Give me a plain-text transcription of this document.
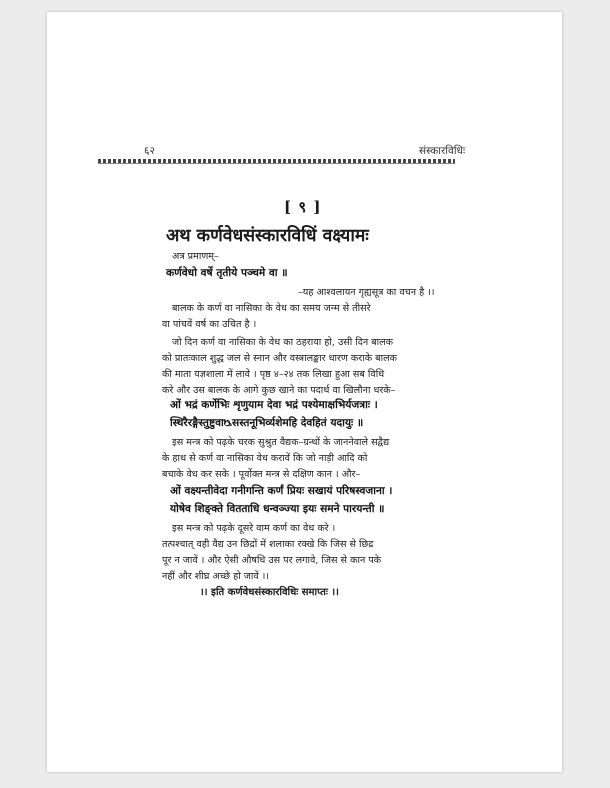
६२	संस्कारविधिः
[ ९ ]
अथ कर्णवेधसंस्कारविधिं वक्ष्यामः
अत्र प्रमाणम्–
कर्णवेधो वर्षे तृतीये पञ्चमे वा ॥
–यह आश्वलायन गृह्यसूत्र का वचन है ।।
बालक के कर्ण वा नासिका के वेध का समय जन्म से तीसरे
वा पांचवें वर्ष का उचित है ।
जो दिन कर्ण वा नासिका के वेध का ठहराया हो, उसी दिन बालक
को प्रातःकाल शुद्ध जल से स्नान और वस्त्रालङ्कार धारण कराके बालक
की माता यज्ञशाला में लावे । पृष्ठ ४–२४ तक लिखा हुआ सब विधि
करे और उस बालक के आगे कुछ खाने का पदार्थ वा खिलौना धरके–
ओं भद्रं कर्णेभिः शृणुयाम देवा भद्रं पश्येमाक्षभिर्यजत्राः ।
स्थिरैरङ्गैस्तुष्टुवाᳬसस्तनूभिर्व्यशेमहि देवहितं यदायुः ॥
इस मन्त्र को पढ़के चरक सुश्रुत वैद्यक–ग्रन्थों के जाननेवाले सद्वैद्य
के हाथ से कर्ण वा नासिका वेध करावें कि जो नाड़ी आदि को
बचाके वेध कर सके । पूर्वोक्त मन्त्र से दक्षिण कान । और–
ओं वक्ष्यन्तीवेदा गनीगन्ति कर्णं प्रियः सखायं परिषस्वजाना ।
योषेव शिङ्क्ते वितताधि धन्वञ्ज्या इयः समने पारयन्ती ॥
इस मन्त्र को पढ़के दूसरे वाम कर्ण का वेध करे ।
तत्पश्चात् वही वैद्य उन छिद्रों में शलाका रक्खे कि जिस से छिद्र
पूर न जावें । और ऐसी औषधि उस पर लगावे, जिस से कान पके
नहीं और शीघ्र अच्छे हो जावें ।।
।। इति कर्णवेधसंस्कारविधिः समाप्तः ।।
